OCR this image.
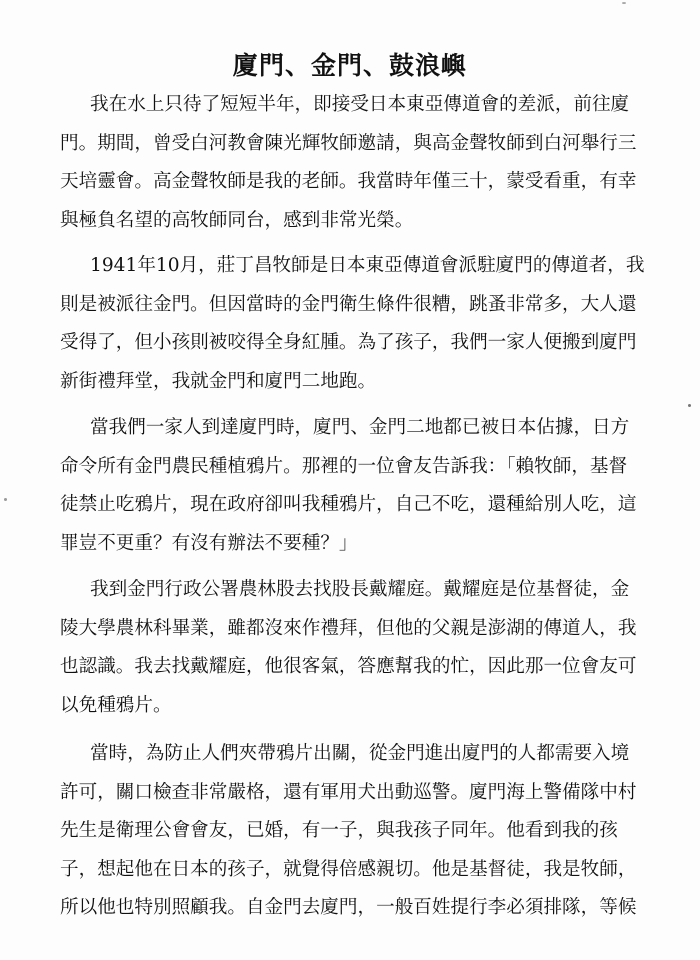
廈門、金門、鼓浪嶼
我在水上只待了短短半年，即接受日本東亞傳道會的差派，前往廈
門。期間，曾受白河教會陳光輝牧師邀請，與高金聲牧師到白河舉行三
天培靈會。高金聲牧師是我的老師。我當時年僅三十，蒙受看重，有幸
與極負名望的高牧師同台，感到非常光榮。
1941年10月，莊丁昌牧師是日本東亞傳道會派駐廈門的傳道者，我
則是被派往金門。但因當時的金門衛生條件很糟，跳蚤非常多，大人還
受得了，但小孩則被咬得全身紅腫。為了孩子，我們一家人便搬到廈門
新街禮拜堂，我就金門和廈門二地跑。
當我們一家人到達廈門時，廈門、金門二地都已被日本佔據，日方
命令所有金門農民種植鴉片。那裡的一位會友告訴我：「賴牧師，基督
徒禁止吃鴉片，現在政府卻叫我種鴉片，自己不吃，還種給別人吃，這
罪豈不更重？有沒有辦法不要種？」
我到金門行政公署農林股去找股長戴耀庭。戴耀庭是位基督徒，金
陵大學農林科畢業，雖都沒來作禮拜，但他的父親是澎湖的傳道人，我
也認識。我去找戴耀庭，他很客氣，答應幫我的忙，因此那一位會友可
以免種鴉片。
當時，為防止人們夾帶鴉片出關，從金門進出廈門的人都需要入境
許可，關口檢查非常嚴格，還有軍用犬出動巡警。廈門海上警備隊中村
先生是衛理公會會友，已婚，有一子，與我孩子同年。他看到我的孩
子，想起他在日本的孩子，就覺得倍感親切。他是基督徒，我是牧師，
所以他也特別照顧我。自金門去廈門，一般百姓提行李必須排隊，等候
